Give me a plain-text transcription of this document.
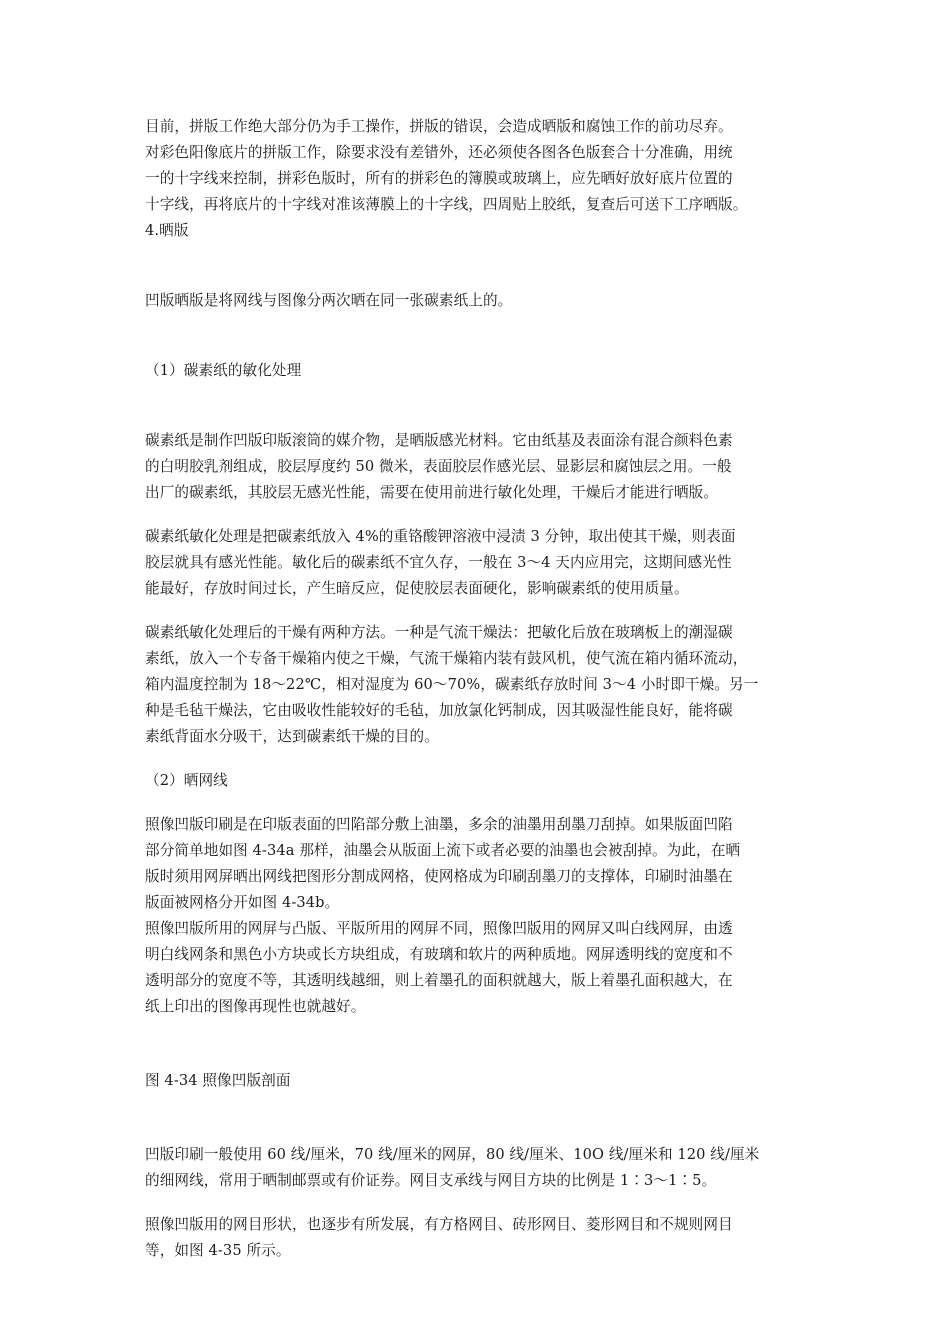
目前，拼版工作绝大部分仍为手工操作，拼版的错误，会造成晒版和腐蚀工作的前功尽弃。
对彩色阳像底片的拼版工作，除要求没有差错外，还必须使各图各色版套合十分准确，用统
一的十字线来控制，拼彩色版时，所有的拼彩色的簿膜或玻璃上，应先晒好放好底片位置的
十字线，再将底片的十字线对准该薄膜上的十字线，四周贴上胶纸，复查后可送下工序晒版。
4.晒版

凹版晒版是将网线与图像分两次晒在同一张碳素纸上的。

（1）碳素纸的敏化处理

碳素纸是制作凹版印版滚筒的媒介物，是晒版感光材料。它由纸基及表面涂有混合颜料色素
的白明胶乳剂组成，胶层厚度约 50 微米，表面胶层作感光层、显影层和腐蚀层之用。一般
出厂的碳素纸，其胶层无感光性能，需要在使用前进行敏化处理，干燥后才能进行晒版。

碳素纸敏化处理是把碳素纸放入 4%的重铬酸钾溶液中浸渍 3 分钟，取出使其干燥，则表面
胶层就具有感光性能。敏化后的碳素纸不宜久存，一般在 3～4 天内应用完，这期间感光性
能最好，存放时间过长，产生暗反应，促使胶层表面硬化，影响碳素纸的使用质量。

碳素纸敏化处理后的干燥有两种方法。一种是气流干燥法：把敏化后放在玻璃板上的潮湿碳
素纸，放入一个专备干燥箱内使之干燥，气流干燥箱内装有鼓风机，使气流在箱内循环流动，
箱内温度控制为 18～22℃，相对湿度为 60～70%，碳素纸存放时间 3～4 小时即干燥。另一
种是毛毡干燥法，它由吸收性能较好的毛毡，加放氯化钙制成，因其吸湿性能良好，能将碳
素纸背面水分吸干，达到碳素纸干燥的目的。

（2）晒网线

照像凹版印刷是在印版表面的凹陷部分敷上油墨，多余的油墨用刮墨刀刮掉。如果版面凹陷
部分简单地如图 4-34a 那样，油墨会从版面上流下或者必要的油墨也会被刮掉。为此，在晒
版时须用网屏晒出网线把图形分割成网格，使网格成为印刷刮墨刀的支撑体，印刷时油墨在
版面被网格分开如图 4-34b。
照像凹版所用的网屏与凸版、平版所用的网屏不同，照像凹版用的网屏又叫白线网屏，由透
明白线网条和黑色小方块或长方块组成，有玻璃和软片的两种质地。网屏透明线的宽度和不
透明部分的宽度不等，其透明线越细，则上着墨孔的面积就越大，版上着墨孔面积越大，在
纸上印出的图像再现性也就越好。

图 4-34 照像凹版剖面

凹版印刷一般使用 60 线/厘米，70 线/厘米的网屏，80 线/厘米、10O 线/厘米和 120 线/厘米
的细网线，常用于晒制邮票或有价证券。网目支承线与网目方块的比例是 1∶3～1∶5。

照像凹版用的网目形状，也逐步有所发展，有方格网目、砖形网目、菱形网目和不规则网目
等，如图 4-35 所示。
